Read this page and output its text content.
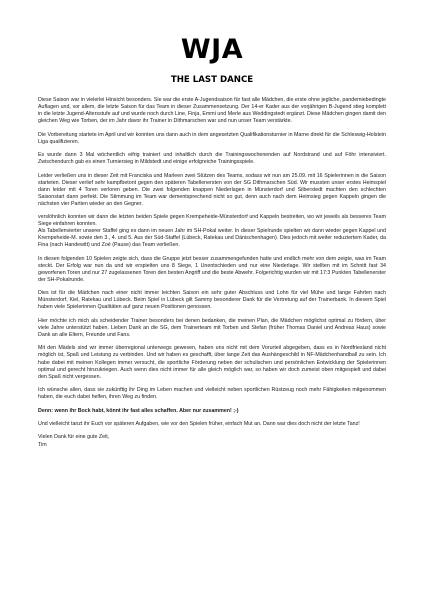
WJA
THE LAST DANCE

Diese Saison war in vielerlei Hinsicht besonders. Sie war die erste A-Jugendsaison für fast alle Mädchen, die erste ohne jegliche, pandemiebedingte Auflagen und, vor allem, die letzte Saison für das Team in dieser Zusammensetzung. Der 14-er Kader aus der vorjährigen B-Jugend stieg komplett in die letzte Jugend-Altersstufe auf und wurde noch durch Line, Finja, Emmi und Merle aus Weddingstedt ergänzt. Diese Mädchen gingen damit den gleichen Weg wie Torben, der im Jahr davor ihr Trainer in Dithmarschen war und nun unser Team verstärkte.

Die Vorbereitung startete im April und wir konnten uns dann auch in dem angesetzten Qualifikationsturnier in Marne direkt für die Schleswig-Holstein Liga qualifizieren.

Es wurde dann 3 Mal wöchentlich eifrig trainiert und inhaltlich durch die Trainingswochenenden auf Nordstrand und auf Föhr intensiviert. Zwischendurch gab es einen Turniersieg in Mildstedt und einige erfolgreiche Trainingsspiele.

Leider verließen uns in dieser Zeit mit Franciska und Marleen zwei Stützen des Teams, sodass wir nun am 25.09. mit 16 Spielerinnen in die Saison starteten. Dieser verlief sehr kampfbetont gegen den späteren Tabellenersten von der SG Dithmarschen Süd. Wir mussten unser erstes Heimspiel dann leider mit 4 Toren verloren geben. Die zwei folgenden knappen Niederlagen in Münsterdorf und Silberstedt machten den schlechten Saisonstart dann perfekt. Die Stimmung im Team war dementsprechend nicht so gut, denn auch nach dem Heimsieg gegen Kappeln gingen die nächsten vier Partien wieder an den Gegner.

verslöhnlich konnten wir dann die letzten beiden Spiele gegen Krempeheide-Münsterdorf und Kappeln bestreiten, wo wir jeweils als besseres Team Siege einfahren konnten.

Als Tabellenvierter unserer Staffel ging es dann im neuen Jahr im SH-Pokal weiter. In dieser Spielrunde spielten wir dann wieder gegen Kappel und Krempeheide-M. sowie den 3., 4. und 5. Aus der Süd-Staffel (Lübeck, Ratekau und Dänischenhagen). Dies jedoch mit weiter reduziertem Kader, da Fina (nach Handewitt) und Zoé (Pause) das Team verließen.

In diesen folgenden 10 Spielen zeigte sich, dass die Gruppe jetzt besser zusammengefunden hatte und endlich mehr von dem zeigte, was im Team steckt. Der Erfolg war nun da und wir erspielten uns 8 Siege, 1 Unentschieden und nur eine Niederlage. Wir stellten mit im Schnitt fast 34 geworfenen Toren und nur 27 zugelassenen Toren den besten Angriff und die beste Abwehr. Folgerichtig wurden wir mit 17:3 Punkten Tabellenerster der SH-Pokalrunde.

Dies ist für die Mädchen nach einer nicht immer leichten Saison ein sehr guter Abschluss und Lohn für viel Mühe und lange Fahrten nach Münsterdorf, Kiel, Ratekau und Lübeck. Beim Spiel in Lübeck gilt Sammy besonderer Dank für die Vertretung auf der Trainerbank. In diesem Spiel haben viele Spielerinnen Qualitäten auf ganz neuen Positionen genossen.

Hier möchte ich mich als scheidender Trainer besonders bei denen bedanken, die meinen Plan, die Mädchen möglichst optimal zu fördern, über viele Jahre unterstützt haben. Lieben Dank an die SG, dem Trainerteam mit Torben und Stefan (früher Thomas Daniel und Andreas Haus) sowie Dank an alle Eltern, Freunde und Fans.

Mit den Mädels sind wir immer überregional unterwegs gewesen, haben uns nicht mit dem Vorurteil abgegeben, dass es in Nordfriesland nicht möglich ist, Spaß und Leistung zu verbinden. Und wir haben es geschafft, über lange Zeit das Aushängeschild in NF-Mädchenhandball zu sein. Ich habe dabei mit meinen Kollegen immer versucht, die sportliche Förderung neben der schulischen und persönlichen Entwicklung der Spielerinnen optimal und gerecht hinzukriegen. Auch wenn dies nicht immer für alle gleich möglich war, so haben wir doch zumeist oben mitgespielt und dabei den Spaß nicht vergessen.

Ich wünsche allen, dass sie zukünftig ihr Ding im Leben machen und vielleicht neben sportlichen Rüstzeug noch mehr Fähigkeiten mitgenommen haben, die euch dabei helfen, ihren Weg zu finden.

Denn: wenn ihr Bock habt, könnt ihr fast alles schaffen. Aber nur zusammen! ;-)

Und vielleicht tanzt ihr Euch vor späteren Aufgaben, wie vor den Spielen früher, einfach Mut an. Dann war dies doch nicht der letzte Tanz!

Vielen Dank für eine gute Zeit,

Tim
